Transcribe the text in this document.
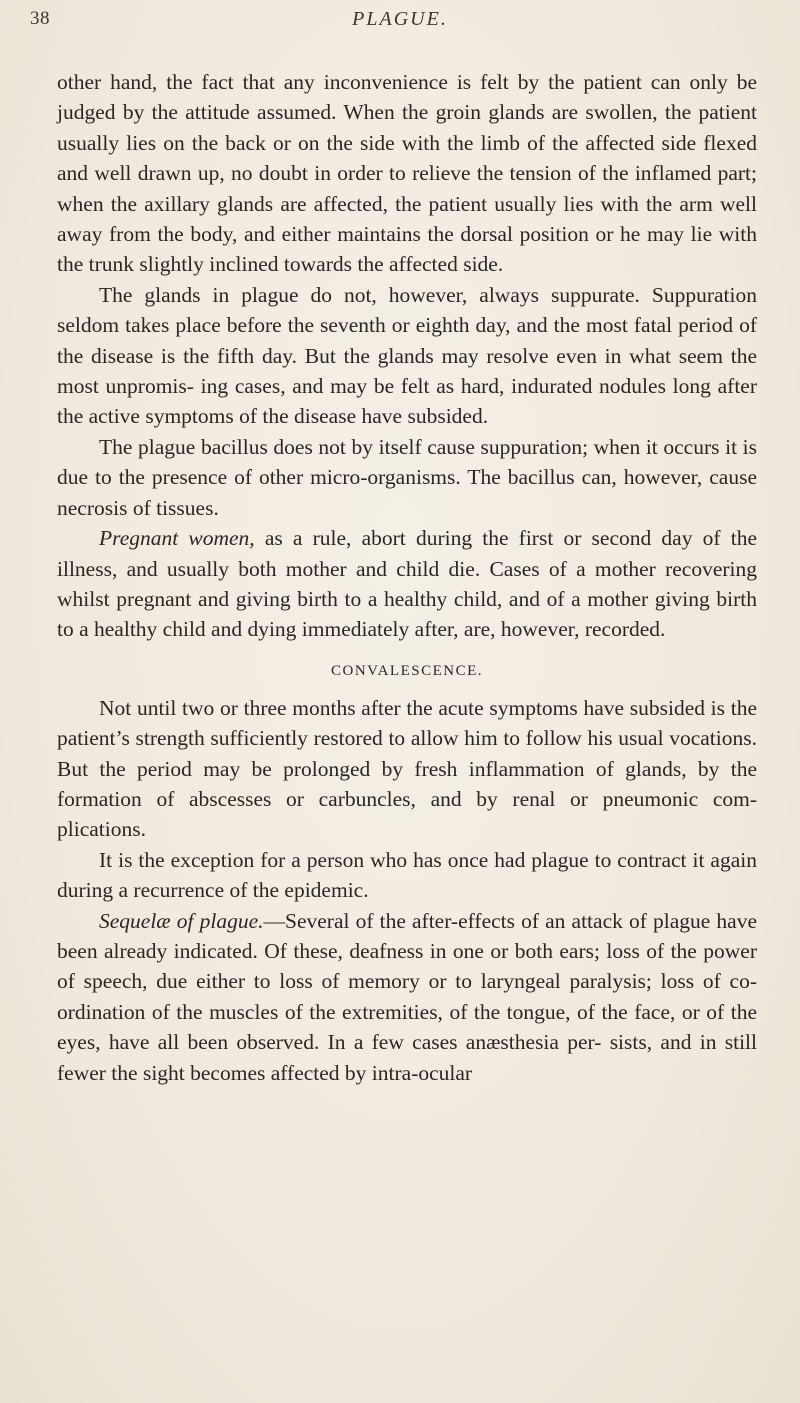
38	PLAGUE.

other hand, the fact that any inconvenience is felt by the patient can only be judged by the attitude assumed. When the groin glands are swollen, the patient usually lies on the back or on the side with the limb of the affected side flexed and well drawn up, no doubt in order to relieve the tension of the inflamed part; when the axillary glands are affected, the patient usually lies with the arm well away from the body, and either maintains the dorsal position or he may lie with the trunk slightly inclined towards the affected side.

The glands in plague do not, however, always suppurate. Suppuration seldom takes place before the seventh or eighth day, and the most fatal period of the disease is the fifth day. But the glands may resolve even in what seem the most unpromis- ing cases, and may be felt as hard, indurated nodules long after the active symptoms of the disease have subsided.

The plague bacillus does not by itself cause suppuration; when it occurs it is due to the presence of other micro-organisms. The bacillus can, however, cause necrosis of tissues.

Pregnant women, as a rule, abort during the first or second day of the illness, and usually both mother and child die. Cases of a mother recovering whilst pregnant and giving birth to a healthy child, and of a mother giving birth to a healthy child and dying immediately after, are, however, recorded.

CONVALESCENCE.

Not until two or three months after the acute symptoms have subsided is the patient’s strength sufficiently restored to allow him to follow his usual vocations. But the period may be prolonged by fresh inflammation of glands, by the formation of abscesses or carbuncles, and by renal or pneumonic com- plications.

It is the exception for a person who has once had plague to contract it again during a recurrence of the epidemic.

Sequelæ of plague.—Several of the after-effects of an attack of plague have been already indicated. Of these, deafness in one or both ears; loss of the power of speech, due either to loss of memory or to laryngeal paralysis; loss of co-ordination of the muscles of the extremities, of the tongue, of the face, or of the eyes, have all been observed. In a few cases anæsthesia per- sists, and in still fewer the sight becomes affected by intra-ocular
